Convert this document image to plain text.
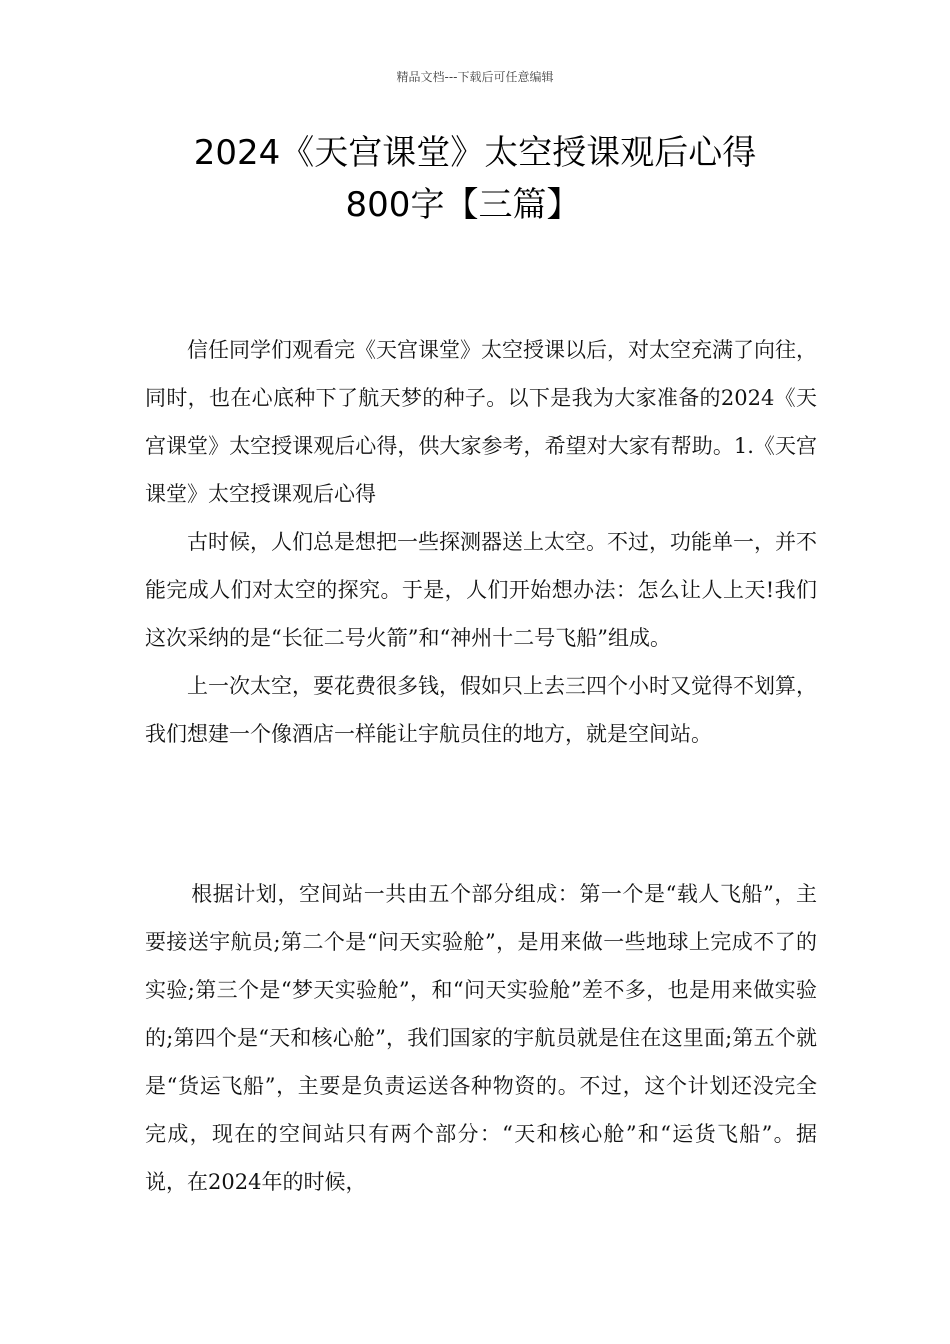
精品文档---下载后可任意编辑
2024《天宫课堂》太空授课观后心得
800字【三篇】

信任同学们观看完《天宫课堂》太空授课以后，对太空充满了向往，同时，也在心底种下了航天梦的种子。以下是我为大家准备的2024《天宫课堂》太空授课观后心得，供大家参考，希望对大家有帮助。1.《天宫课堂》太空授课观后心得

古时候，人们总是想把一些探测器送上太空。不过，功能单一，并不能完成人们对太空的探究。于是，人们开始想办法：怎么让人上天!我们这次采纳的是“长征二号火箭”和“神州十二号飞船”组成。

上一次太空，要花费很多钱，假如只上去三四个小时又觉得不划算，我们想建一个像酒店一样能让宇航员住的地方，就是空间站。

根据计划，空间站一共由五个部分组成：第一个是“载人飞船”，主要接送宇航员;第二个是“问天实验舱”，是用来做一些地球上完成不了的实验;第三个是“梦天实验舱”，和“问天实验舱”差不多，也是用来做实验的;第四个是“天和核心舱”，我们国家的宇航员就是住在这里面;第五个就是“货运飞船”，主要是负责运送各种物资的。不过，这个计划还没完全完成，现在的空间站只有两个部分：“天和核心舱”和“运货飞船”。据说，在2024年的时候，
